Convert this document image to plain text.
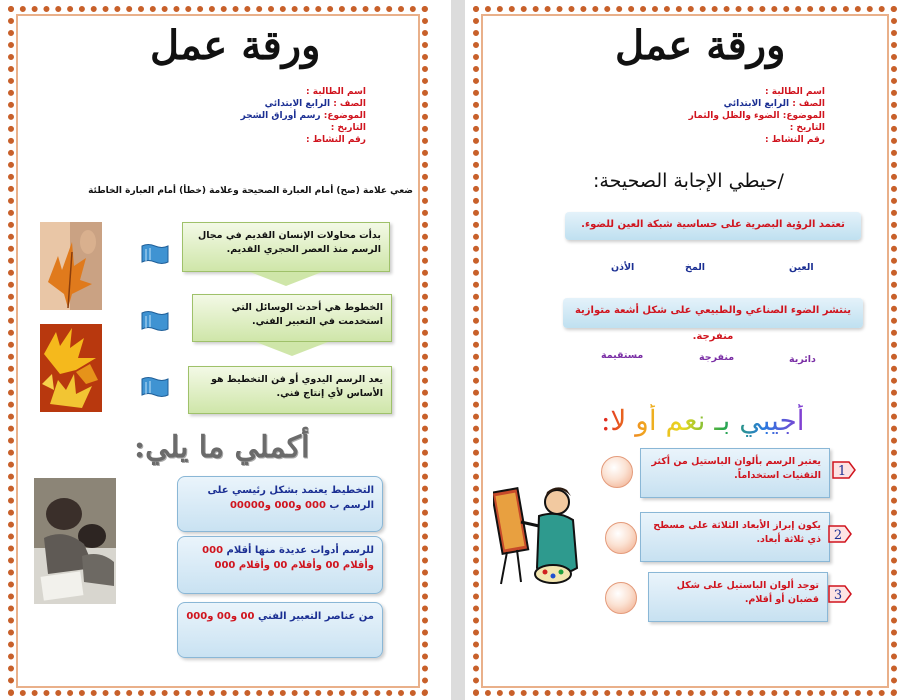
ورقة عمل
اسم الطالبة :
الصف : الرابع الابتدائي
الموضوع: رسم أوراق الشجر
التاريخ :
رقم النشاط :
ضعي علامة (صح) أمام العبارة الصحيحة وعلامة (خطأ) أمام العبارة الخاطئة
بدأت محاولات الإنسان القديم في مجال الرسم منذ العصر الحجري القديم.
الخطوط هي أحدث الوسائل التي استخدمت في التعبير الفني.
يعد الرسم اليدوي أو فن التخطيط هو الأساس لأي إنتاج فني.
أكملي ما يلي:
التخطيط يعتمد بشكل رئيسي على الرسم ب 000 و000 و00000
للرسم أدوات عديدة منها أقلام 000 وأقلام 00 وأقلام 00 وأقلام 000
من عناصر التعبير الفني 00 و00 و000
ورقة عمل
اسم الطالبة :
الصف : الرابع الابتدائي
الموضوع: الضوء والظل والثمار
التاريخ :
رقم النشاط :
/حيطي الإجابة الصحيحة:
تعتمد الرؤية البصرية على حساسية شبكة العين للضوء.
العين
المخ
الأذن
ينتشر الضوء الصناعي والطبيعي على شكل أشعة متوازية منفرجة.
دائرية
منفرجة
مستقيمة
أجيبي بـ نعم أو لا:
يعتبر الرسم بألوان الباستيل من أكثر التقنيات استخداماً.	1
يكون إبراز الأبعاد الثلاثة على مسطح ذي ثلاثة أبعاد. 2
توجد ألوان الباستيل على شكل قضبان أو أقلام.	3
